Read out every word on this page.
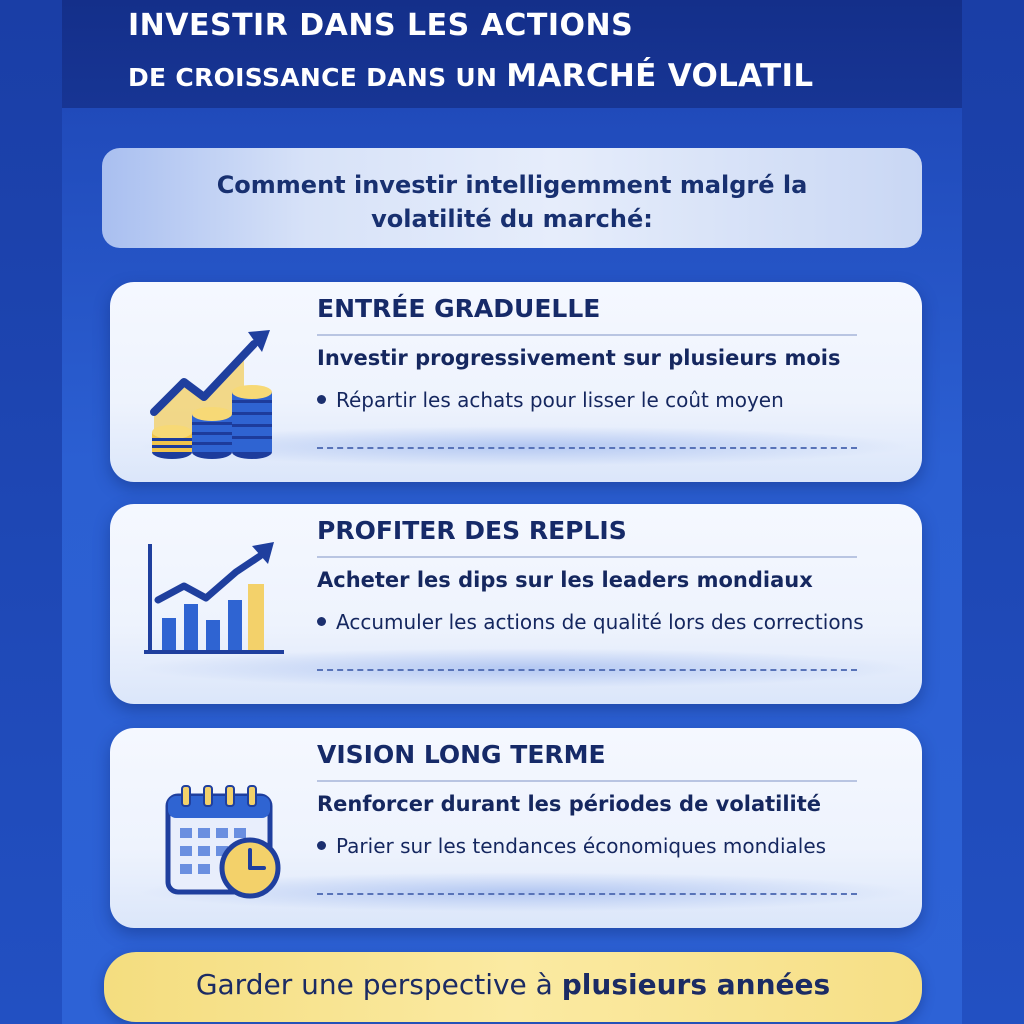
INVESTIR DANS LES ACTIONS
DE CROISSANCE DANS UN MARCHÉ VOLATIL
Comment investir intelligemment malgré la
volatilité du marché:
ENTRÉE GRADUELLE
Investir progressivement sur plusieurs mois
Répartir les achats pour lisser le coût moyen
PROFITER DES REPLIS
Acheter les dips sur les leaders mondiaux
Accumuler les actions de qualité lors des corrections
VISION LONG TERME
Renforcer durant les périodes de volatilité
Parier sur les tendances économiques mondiales
Garder une perspective à plusieurs années
